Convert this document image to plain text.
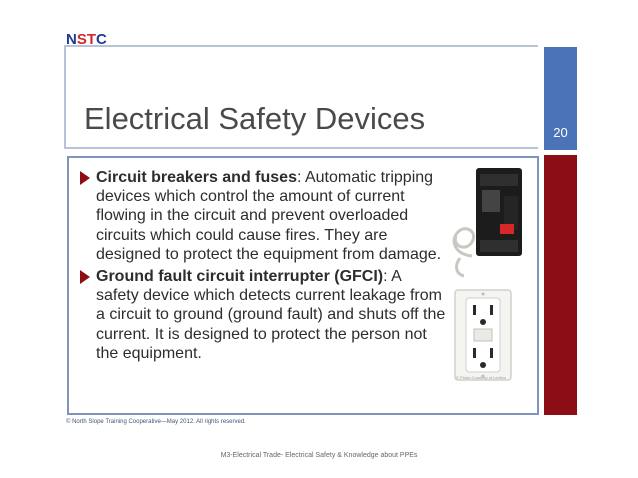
N S T C
Electrical Safety Devices	20
Circuit breakers and fuses: Automatic tripping devices which control the amount of current flowing in the circuit and prevent overloaded circuits which could cause fires. They are designed to protect the equipment from damage.
Ground fault circuit interrupter (GFCI): A safety device which detects current leakage from a circuit to ground (ground fault) and shuts off the current. It is designed to protect the person not the equipment.
© Photo Courtesy of Leviton
© North Slope Training Cooperative—May 2012. All rights reserved.
M3-Electrical Trade- Electrical Safety & Knowledge about PPEs
